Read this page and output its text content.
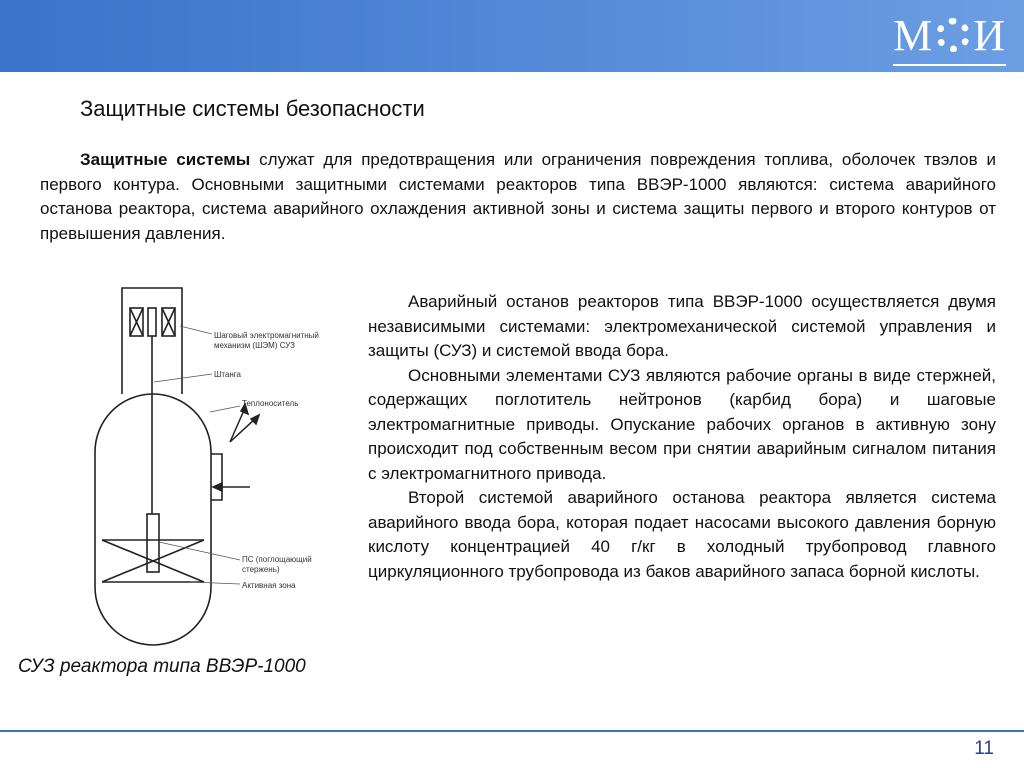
М И
Защитные системы безопасности

Защитные системы служат для предотвращения или ограничения повреждения топлива, оболочек твэлов и первого контура. Основными защитными системами реакторов типа ВВЭР-1000 являются: система аварийного останова реактора, система аварийного охлаждения активной зоны и система защиты первого и второго контуров от превышения давления.

Шаговый электромагнитный
механизм (ШЭМ) СУЗ
Штанга
Теплоноситель
ПС (поглощающий
стержень)
Активная зона

Аварийный останов реакторов типа ВВЭР-1000 осуществляется двумя независимыми системами: электромеханической системой управления и защиты (СУЗ) и системой ввода бора.

Основными элементами СУЗ являются рабочие органы в виде стержней, содержащих поглотитель нейтронов (карбид бора) и шаговые электромагнитные приводы. Опускание рабочих органов в активную зону происходит под собственным весом при снятии аварийным сигналом питания с электромагнитного привода.

Второй системой аварийного останова реактора является система аварийного ввода бора, которая подает насосами высокого давления борную кислоту концентрацией 40 г/кг в холодный трубопровод главного циркуляционного трубопровода из баков аварийного запаса борной кислоты.

СУЗ реактора типа ВВЭР-1000
11
